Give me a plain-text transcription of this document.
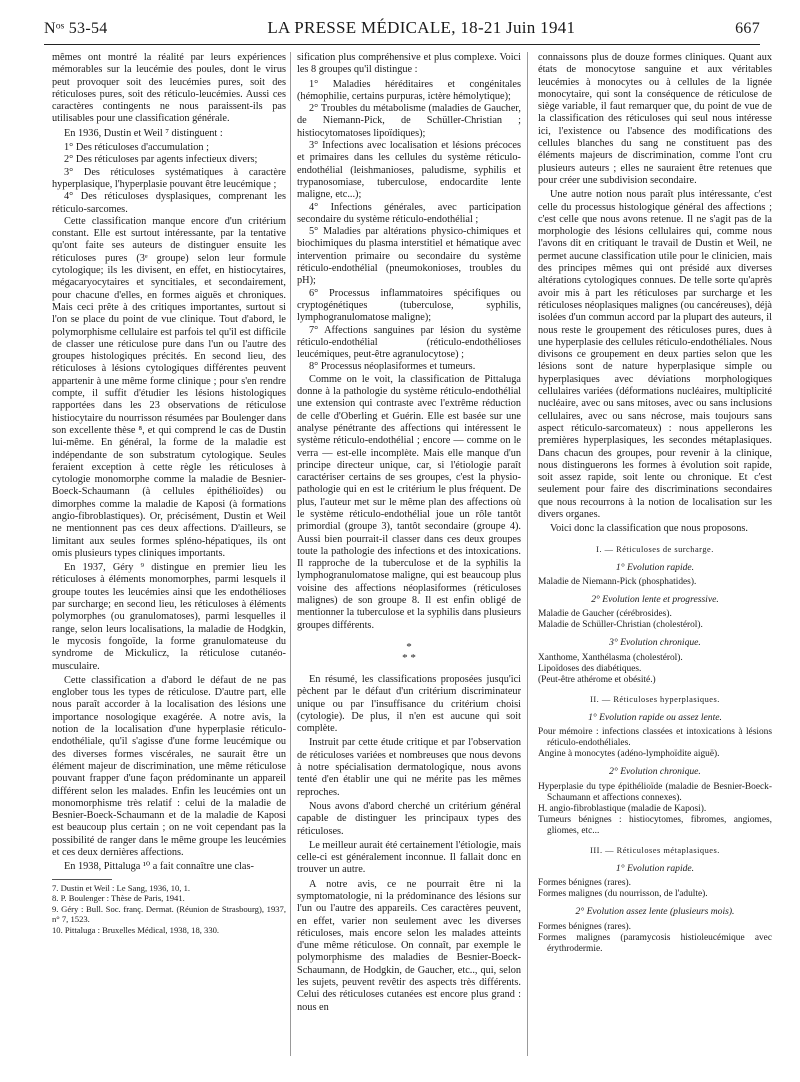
Nᵒˢ 53-54	LA PRESSE MÉDICALE, 18-21 Juin 1941	667

mêmes ont montré la réalité par leurs expériences mémorables sur la leucémie des poules, dont le virus peut provoquer soit des leucémies pures, soit des réticuloses pures, soit des réticulo-leucémies. Aussi ces caractères contingents ne nous paraissent-ils pas utilisables pour une classification générale.

En 1936, Dustin et Weil ⁷ distinguent :

1° Des réticuloses d'accumulation ;

2° Des réticuloses par agents infectieux divers;

3° Des réticuloses systématiques à caractère hyperplasique, l'hyperplasie pouvant être leucémique ;

4° Des réticuloses dysplasiques, comprenant les réticulo-sarcomes.

Cette classification manque encore d'un critérium constant. Elle est surtout intéressante, par la tentative qu'ont faite ses auteurs de distinguer ensuite les réticuloses pures (3ᵉ groupe) selon leur formule cytologique; ils les divisent, en effet, en histiocytaires, mégacaryocytaires et syncitiales, et secondairement, pour chacune d'elles, en formes aiguës et chroniques. Mais ceci prête à des critiques importantes, surtout si l'on se place du point de vue clinique. Tout d'abord, le polymorphisme cellulaire est parfois tel qu'il est difficile de classer une réticulose pure dans l'un ou l'autre des groupes histologiques précités. En second lieu, des réticuloses à lésions cytologiques différentes peuvent appartenir à une même forme clinique ; pour s'en rendre compte, il suffit d'étudier les lésions histologiques rapportées dans les 23 observations de réticulose histiocytaire du nourrisson résumées par Boulenger dans son excellente thèse ⁸, et qui comprend le cas de Dustin lui-même. En général, la forme de la maladie est indépendante de son substratum cytologique. Seules feraient exception à cette règle les réticuloses à cytologie monomorphe comme la maladie de Besnier-Boeck-Schaumann (à cellules épithélioïdes) ou dimorphes comme la maladie de Kaposi (à formations angio-fibroblastiques). Or, précisément, Dustin et Weil ne mentionnent pas ces deux affections. D'ailleurs, se limitant aux seules formes spléno-hépatiques, ils ont omis plusieurs types cliniques importants.

En 1937, Géry ⁹ distingue en premier lieu les réticuloses à éléments monomorphes, parmi lesquels il groupe toutes les leucémies ainsi que les endothélioses par surcharge; en second lieu, les réticuloses à éléments polymorphes (ou granulomatoses), parmi lesquelles il range, selon leurs localisations, la maladie de Hodgkin, le mycosis fongoïde, la forme granulomateuse du syndrome de Mickulicz, la réticulose cutanéo-musculaire.

Cette classification a d'abord le défaut de ne pas englober tous les types de réticulose. D'autre part, elle nous paraît accorder à la localisation des lésions une importance nosologique exagérée. A notre avis, la notion de la localisation d'une hyperplasie réticulo-endothéliale, qu'il s'agisse d'une forme leucémique ou des diverses formes viscérales, ne saurait être un élément majeur de discrimination, une même réticulose pouvant frapper d'une façon prédominante un appareil différent selon les malades. Enfin les leucémies ont un monomorphisme très relatif : celui de la maladie de Besnier-Boeck-Schaumann et de la maladie de Kaposi est beaucoup plus certain ; on ne voit cependant pas la possibilité de ranger dans le même groupe les leucémies et ces deux dernières affections.

En 1938, Pittaluga ¹⁰ a fait connaître une clas-

7. Dustin et Weil : Le Sang, 1936, 10, 1.
8. P. Boulenger : Thèse de Paris, 1941.
9. Géry : Bull. Soc. franç. Dermat. (Réunion de Strasbourg), 1937, n° 7, 1523.
10. Pittaluga : Bruxelles Médical, 1938, 18, 330.

sification plus compréhensive et plus complexe. Voici les 8 groupes qu'il distingue :

1° Maladies héréditaires et congénitales (hémophilie, certains purpuras, ictère hémolytique);

2° Troubles du métabolisme (maladies de Gaucher, de Niemann-Pick, de Schüller-Christian ; histiocytomatoses lipoïdiques);

3° Infections avec localisation et lésions précoces et primaires dans les cellules du système réticulo-endothélial (leishmanioses, paludisme, syphilis et trypanosomiase, tuberculose, endocardite lente maligne, etc...);

4° Infections générales, avec participation secondaire du système réticulo-endothélial ;

5° Maladies par altérations physico-chimiques et biochimiques du plasma interstitiel et hématique avec intervention primaire ou secondaire du système réticulo-endothélial (pneumokonioses, troubles du pH);

6° Processus inflammatoires spécifiques ou cryptogénétiques (tuberculose, syphilis, lymphogranulomatose maligne);

7° Affections sanguines par lésion du système réticulo-endothélial (réticulo-endothélioses leucémiques, peut-être agranulocytose) ;

8° Processus néoplasiformes et tumeurs.

Comme on le voit, la classification de Pittaluga donne à la pathologie du système réticulo-endothélial une extension qui contraste avec l'extrême réduction de celle d'Oberling et Guérin. Elle est basée sur une analyse pénétrante des affections qui intéressent le système réticulo-endothélial ; encore — comme on le verra — est-elle incomplète. Mais elle manque d'un principe directeur unique, car, si l'étiologie paraît caractériser certains de ses groupes, c'est la physio-pathologie qui en est le critérium le plus fréquent. De plus, l'auteur met sur le même plan des affections où le système réticulo-endothélial joue un rôle tantôt primordial (groupe 3), tantôt secondaire (groupe 4). Aussi bien pourrait-il classer dans ces deux groupes toute la pathologie des infections et des intoxications. Il rapproche de la tuberculose et de la syphilis la lymphogranulomatose maligne, qui est beaucoup plus voisine des affections néoplasiformes (réticuloses malignes) de son groupe 8. Il est enfin obligé de mentionner la tuberculose et la syphilis dans plusieurs groupes différents.

*
* *

En résumé, les classifications proposées jusqu'ici pèchent par le défaut d'un critérium discriminateur unique ou par l'insuffisance du critérium choisi (cytologie). De plus, il n'en est aucune qui soit complète.

Instruit par cette étude critique et par l'observation de réticuloses variées et nombreuses que nous devons à notre spécialisation dermatologique, nous avons tenté d'en établir une qui ne mérite pas les mêmes reproches.

Nous avons d'abord cherché un critérium général capable de distinguer les principaux types des réticuloses.

Le meilleur aurait été certainement l'étiologie, mais celle-ci est généralement inconnue. Il fallait donc en trouver un autre.

A notre avis, ce ne pourrait être ni la symptomatologie, ni la prédominance des lésions sur l'un ou l'autre des appareils. Ces caractères peuvent, en effet, varier non seulement avec les diverses réticuloses, mais encore selon les malades atteints d'une même réticulose. On connaît, par exemple le polymorphisme des maladies de Besnier-Boeck-Schaumann, de Hodgkin, de Gaucher, etc.., qui, selon les sujets, peuvent revêtir des aspects très différents. Celui des réticuloses cutanées est encore plus grand : nous en

connaissons plus de douze formes cliniques. Quant aux états de monocytose sanguine et aux véritables leucémies à monocytes ou à cellules de la lignée monocytaire, qui sont la conséquence de réticulose de siège variable, il faut remarquer que, du point de vue de la classification des réticuloses qui seul nous intéresse ici, l'existence ou l'absence des modifications des cellules blanches du sang ne constituent pas des éléments majeurs de discrimination, comme l'ont cru plusieurs auteurs ; elles ne sauraient être retenues que pour créer une subdivision secondaire.

Une autre notion nous paraît plus intéressante, c'est celle du processus histologique général des affections ; c'est celle que nous avons retenue. Il ne s'agit pas de la morphologie des lésions cellulaires qui, comme nous l'avons dit en critiquant le travail de Dustin et Weil, ne permet aucune classification utile pour le clinicien, mais des principes mêmes qui ont présidé aux diverses altérations cytologiques connues. De telle sorte qu'après avoir mis à part les réticuloses par surcharge et les réticuloses néoplasiques malignes (ou cancéreuses), déjà isolées d'un commun accord par la plupart des auteurs, il nous reste le groupement des réticuloses pures, dues à une hyperplasie des cellules réticulo-endothéliales. Nous divisons ce groupement en deux parties selon que les lésions sont de nature hyperplasique simple ou hyperplasiques avec déviations morphologiques cellulaires variées (déformations nucléaires, multiplicité nucléaire, avec ou sans mitoses, avec ou sans inclusions cellulaires, avec ou sans nécrose, mais toujours sans aspect réticulo-sarcomateux) : nous appellerons les premières hyperplasiques, les secondes métaplasiques. Dans chacun des groupes, pour revenir à la clinique, nous distinguerons les formes à évolution soit rapide, soit assez rapide, soit lente ou chronique. Et c'est seulement pour faire des discriminations secondaires que nous recourrons à la notion de localisation sur les divers organes.

Voici donc la classification que nous proposons.

I. — Réticuloses de surcharge.
1° Evolution rapide.
Maladie de Niemann-Pick (phosphatides).
2° Evolution lente et progressive.
Maladie de Gaucher (cérébrosides).
Maladie de Schüller-Christian (cholestérol).
3° Evolution chronique.
Xanthome, Xanthélasma (cholestérol).
Lipoïdoses des diabétiques.
(Peut-être athérome et obésité.)
II. — Réticuloses hyperplasiques.
1° Evolution rapide ou assez lente.
Pour mémoire : infections classées et intoxications à lésions réticulo-endothéliales.
Angine à monocytes (adéno-lymphoïdite aiguë).
2° Evolution chronique.
Hyperplasie du type épithélioïde (maladie de Besnier-Boeck-Schaumann et affections connexes).
H. angio-fibroblastique (maladie de Kaposi).
Tumeurs bénignes : histiocytomes, fibromes, angiomes, gliomes, etc...
III. — Réticuloses métaplasiques.
1° Evolution rapide.
Formes bénignes (rares).
Formes malignes (du nourrisson, de l'adulte).
2° Evolution assez lente (plusieurs mois).
Formes bénignes (rares).
Formes malignes (paramycosis histioleucémique avec érythrodermie.
